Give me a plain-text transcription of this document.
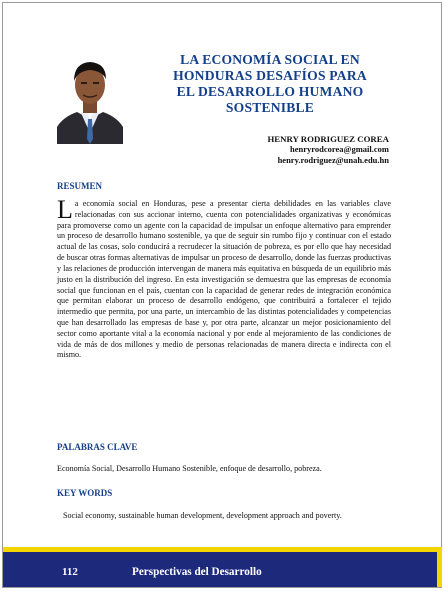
LA ECONOMÍA SOCIAL EN
HONDURAS DESAFÍOS PARA
EL DESARROLLO HUMANO
SOSTENIBLE
HENRY RODRIGUEZ COREA
henryrodcorea@gmail.com
henry.rodriguez@unah.edu.hn
RESUMEN

La economía social en Honduras, pese a presentar cierta debilidades en las variables clave relacionadas con sus accionar interno, cuenta con potencialidades organizativas y económicas para promoverse como un agente con la capacidad de impulsar un enfoque alternativo para emprender un proceso de desarrollo humano sostenible, ya que de seguir sin rumbo fijo y continuar con el estado actual de las cosas, solo conducirá a recrudecer la situación de pobreza, es por ello que hay necesidad de buscar otras formas alternativas de impulsar un proceso de desarrollo, donde las fuerzas productivas y las relaciones de producción intervengan de manera más equitativa en búsqueda de un equilibrio más justo en la distribución del ingreso. En esta investigación se demuestra que las empresas de economía social que funcionan en el país, cuentan con la capacidad de generar redes de integración económica que permitan elaborar un proceso de desarrollo endógeno, que contribuirá a fortalecer el tejido intermedio que permita, por una parte, un intercambio de las distintas potencialidades y competencias que han desarrollado las empresas de base y, por otra parte, alcanzar un mejor posicionamiento del sector como aportante vital a la economía nacional y por ende al mejoramiento de las condiciones de vida de más de dos millones y medio de personas relacionadas de manera directa e indirecta con el mismo.

PALABRAS CLAVE

Economía Social, Desarrollo Humano Sostenible, enfoque de desarrollo, pobreza.

KEY WORDS

Social economy, sustainable human development, development approach and poverty.

112	Perspectivas del Desarrollo
